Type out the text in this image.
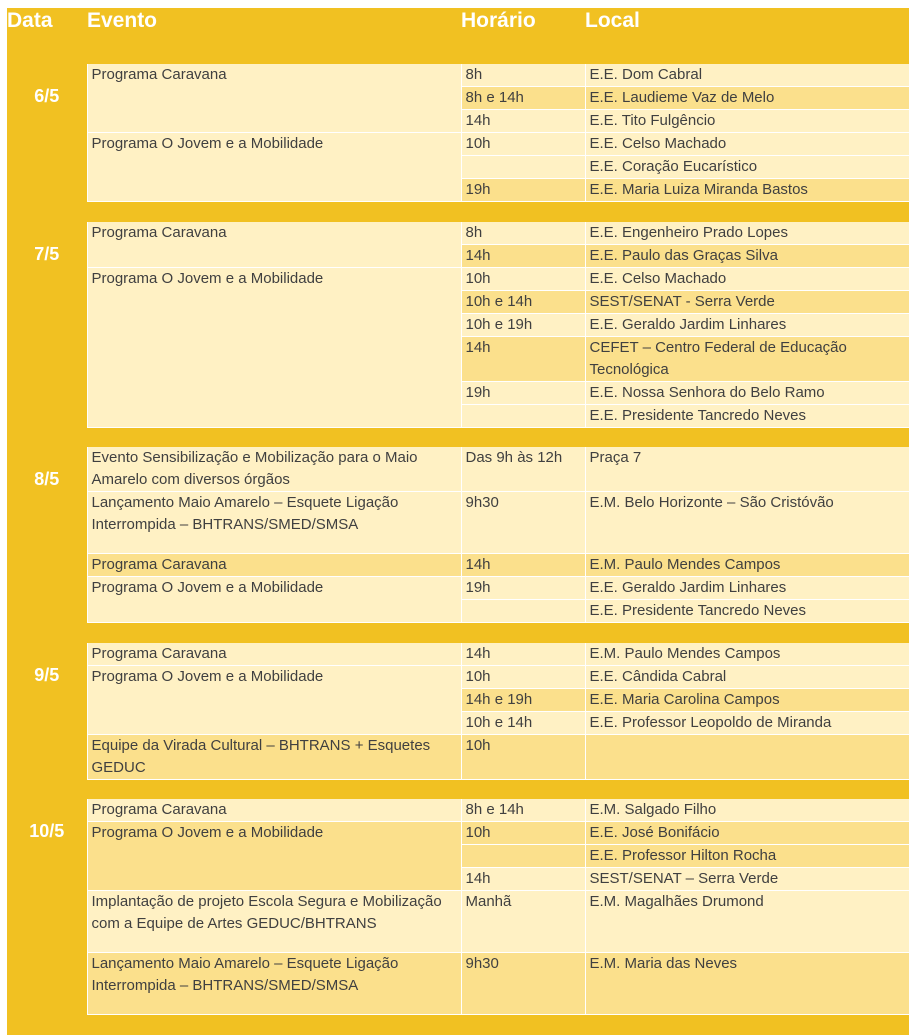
Data	Evento	Horário	Local

6/5	Programa Caravana	8h	E.E. Dom Cabral
		8h e 14h	E.E. Laudieme Vaz de Melo
		14h	E.E. Tito Fulgêncio
	Programa O Jovem e a Mobilidade	10h	E.E. Celso Machado
			E.E. Coração Eucarístico
		19h	E.E. Maria Luiza Miranda Bastos

7/5	Programa Caravana	8h	E.E. Engenheiro Prado Lopes
		14h	E.E. Paulo das Graças Silva
	Programa O Jovem e a Mobilidade	10h	E.E. Celso Machado
		10h e 14h	SEST/SENAT - Serra Verde
		10h e 19h	E.E. Geraldo Jardim Linhares
		14h	CEFET – Centro Federal de Educação Tecnológica
		19h	E.E. Nossa Senhora do Belo Ramo
			E.E. Presidente Tancredo Neves

8/5	Evento Sensibilização e Mobilização para o Maio Amarelo com diversos órgãos	Das 9h às 12h	Praça 7
	Lançamento Maio Amarelo – Esquete Ligação Interrompida – BHTRANS/SMED/SMSA	9h30	E.M. Belo Horizonte – São Cristóvão
	Programa Caravana	14h	E.M. Paulo Mendes Campos
	Programa O Jovem e a Mobilidade	19h	E.E. Geraldo Jardim Linhares
			E.E. Presidente Tancredo Neves

9/5	Programa Caravana	14h	E.M. Paulo Mendes Campos
	Programa O Jovem e a Mobilidade	10h	E.E. Cândida Cabral
		14h e 19h	E.E. Maria Carolina Campos
		10h e 14h	E.E. Professor Leopoldo de Miranda
	Equipe da Virada Cultural – BHTRANS + Esquetes GEDUC	10h	

10/5	Programa Caravana	8h e 14h	E.M. Salgado Filho
	Programa O Jovem e a Mobilidade	10h	E.E. José Bonifácio
			E.E. Professor Hilton Rocha
		14h	SEST/SENAT – Serra Verde
	Implantação de projeto Escola Segura e Mobilização com a Equipe de Artes GEDUC/BHTRANS	Manhã	E.M. Magalhães Drumond
	Lançamento Maio Amarelo – Esquete Ligação Interrompida – BHTRANS/SMED/SMSA	9h30	E.M. Maria das Neves
